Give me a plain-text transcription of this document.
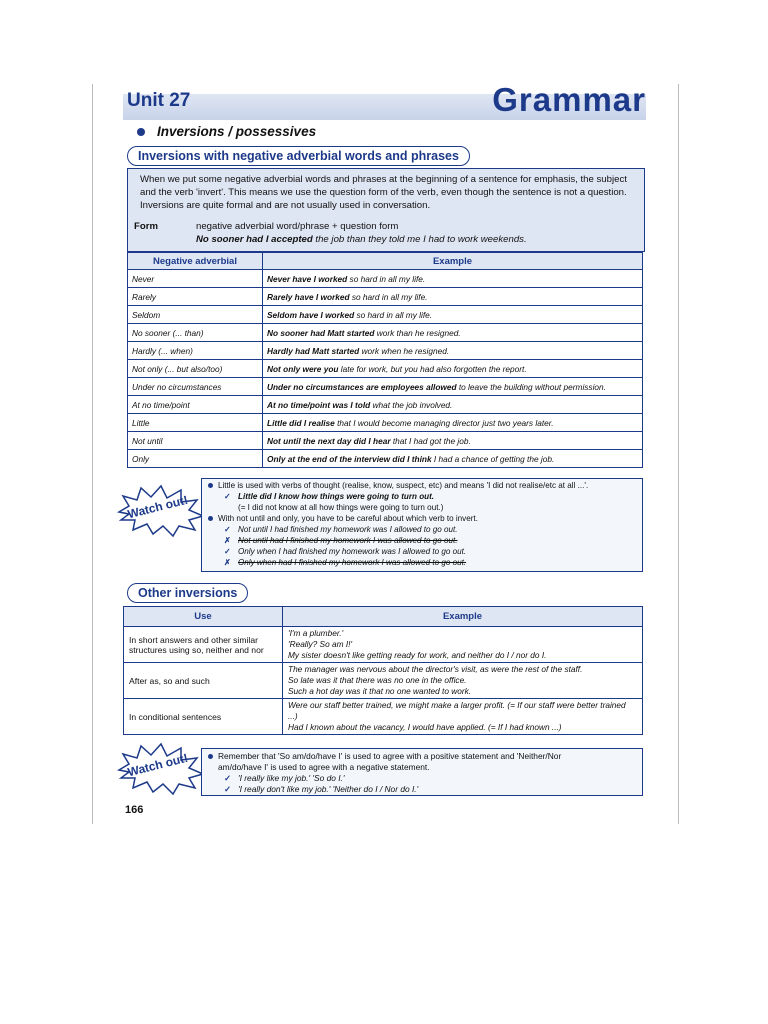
Unit 27	Grammar
Inversions / possessives
Inversions with negative adverbial words and phrases

When we put some negative adverbial words and phrases at the beginning of a sentence for emphasis, the subject and the verb 'invert'. This means we use the question form of the verb, even though the sentence is not a question. Inversions are quite formal and are not usually used in conversation.

Form	negative adverbial word/phrase + question form
No sooner had I accepted the job than they told me I had to work weekends.
Negative adverbial	Example
Never	Never have I worked so hard in all my life.
Rarely	Rarely have I worked so hard in all my life.
Seldom	Seldom have I worked so hard in all my life.
No sooner (... than)	No sooner had Matt started work than he resigned.
Hardly (... when)	Hardly had Matt started work when he resigned.
Not only (... but also/too)	Not only were you late for work, but you had also forgotten the report.
Under no circumstances	Under no circumstances are employees allowed to leave the building without permission.
At no time/point	At no time/point was I told what the job involved.
Little	Little did I realise that I would become managing director just two years later.
Not until	Not until the next day did I hear that I had got the job.
Only	Only at the end of the interview did I think I had a chance of getting the job.
Watch out!
Little is used with verbs of thought (realise, know, suspect, etc) and means 'I did not realise/etc at all ...'.
✓ Little did I know how things were going to turn out.
(= I did not know at all how things were going to turn out.)
With not until and only, you have to be careful about which verb to invert.
✓ Not until I had finished my homework was I allowed to go out.
✗ Not until had I finished my homework I was allowed to go out.
✓ Only when I had finished my homework was I allowed to go out.
✗ Only when had I finished my homework I was allowed to go out.
Other inversions
Use	Example
In short answers and other similar structures using so, neither and nor	'I'm a plumber.'
'Really? So am I!'
My sister doesn't like getting ready for work, and neither do I / nor do I.

After as, so and such	The manager was nervous about the director's visit, as were the rest of the staff.
So late was it that there was no one in the office.
Such a hot day was it that no one wanted to work.

In conditional sentences	Were our staff better trained, we might make a larger profit. (= If our staff were better trained ...)
Had I known about the vacancy, I would have applied. (= If I had known ...)
Watch out!	Remember that 'So am/do/have I' is used to agree with a positive statement and 'Neither/Nor
am/do/have I' is used to agree with a negative statement.
✓ 'I really like my job.' 'So do I.'
✓ 'I really don't like my job.' 'Neither do I / Nor do I.'
166
